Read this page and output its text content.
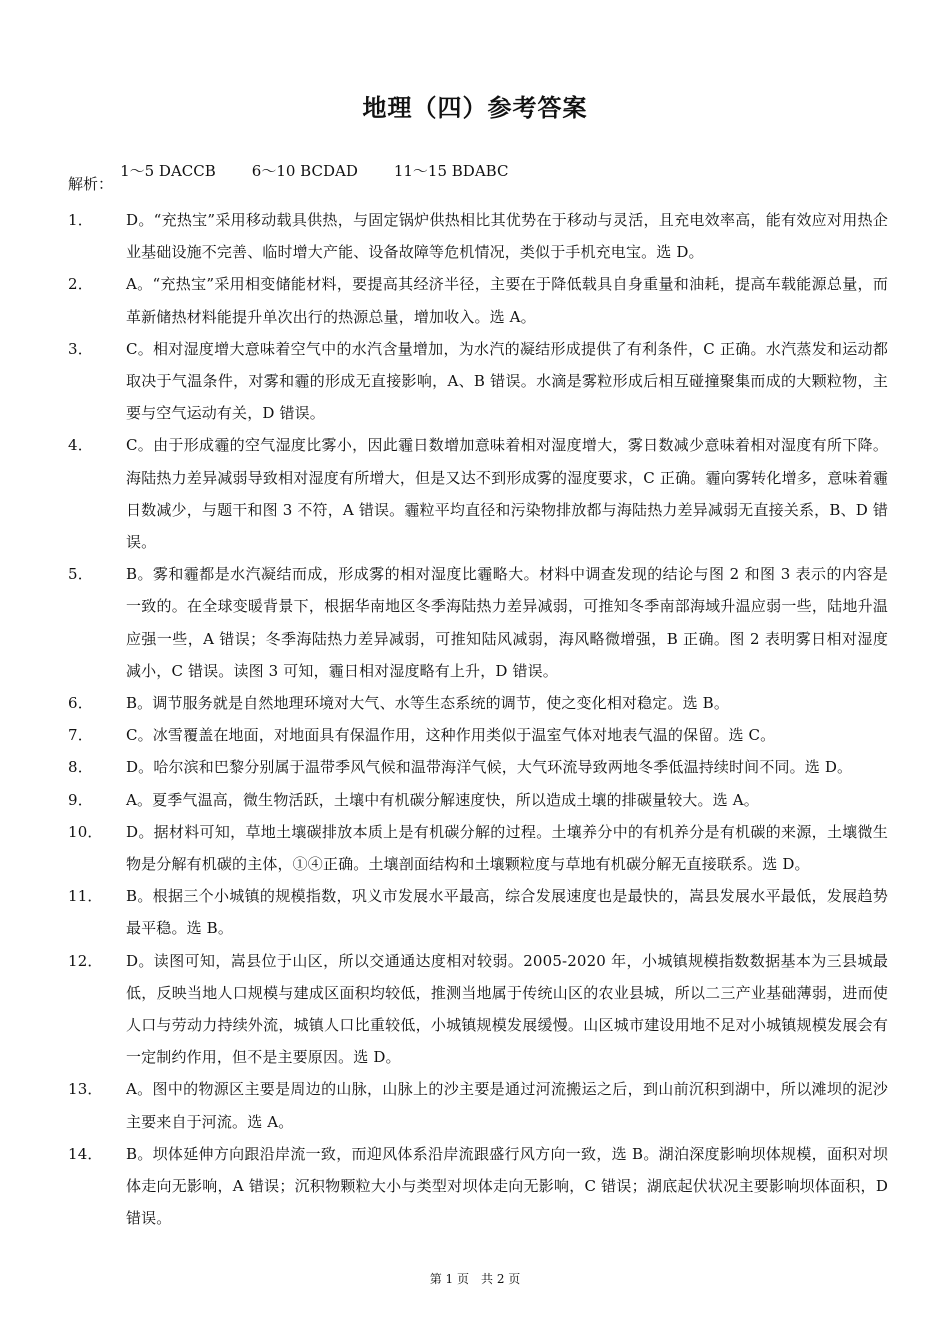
地理（四）参考答案

1～5 DACCB 6～10 BCDAD 11～15 BDABC

解析：
1．	D。“充热宝”采用移动载具供热，与固定锅炉供热相比其优势在于移动与灵活，且充电效率高，能有效应对用热企业基础设施不完善、临时增大产能、设备故障等危机情况，类似于手机充电宝。选 D。
2．	A。“充热宝”采用相变储能材料，要提高其经济半径，主要在于降低载具自身重量和油耗，提高车载能源总量，而革新储热材料能提升单次出行的热源总量，增加收入。选 A。
3．	C。相对湿度增大意味着空气中的水汽含量增加，为水汽的凝结形成提供了有利条件，C 正确。水汽蒸发和运动都取决于气温条件，对雾和霾的形成无直接影响，A、B 错误。水滴是雾粒形成后相互碰撞聚集而成的大颗粒物，主要与空气运动有关，D 错误。
4．	C。由于形成霾的空气湿度比雾小，因此霾日数增加意味着相对湿度增大，雾日数减少意味着相对湿度有所下降。海陆热力差异减弱导致相对湿度有所增大，但是又达不到形成雾的湿度要求，C 正确。霾向雾转化增多，意味着霾日数减少，与题干和图 3 不符，A 错误。霾粒平均直径和污染物排放都与海陆热力差异减弱无直接关系，B、D 错误。
5．	B。雾和霾都是水汽凝结而成，形成雾的相对湿度比霾略大。材料中调查发现的结论与图 2 和图 3 表示的内容是一致的。在全球变暖背景下，根据华南地区冬季海陆热力差异减弱，可推知冬季南部海域升温应弱一些，陆地升温应强一些，A 错误；冬季海陆热力差异减弱，可推知陆风减弱，海风略微增强，B 正确。图 2 表明雾日相对湿度减小，C 错误。读图 3 可知，霾日相对湿度略有上升，D 错误。
6．	B。调节服务就是自然地理环境对大气、水等生态系统的调节，使之变化相对稳定。选 B。
7．	C。冰雪覆盖在地面，对地面具有保温作用，这种作用类似于温室气体对地表气温的保留。选 C。
8．	D。哈尔滨和巴黎分别属于温带季风气候和温带海洋气候，大气环流导致两地冬季低温持续时间不同。选 D。
9．	A。夏季气温高，微生物活跃，土壤中有机碳分解速度快，所以造成土壤的排碳量较大。选 A。
10．	D。据材料可知，草地土壤碳排放本质上是有机碳分解的过程。土壤养分中的有机养分是有机碳的来源，土壤微生物是分解有机碳的主体，①④正确。土壤剖面结构和土壤颗粒度与草地有机碳分解无直接联系。选 D。
11．	B。根据三个小城镇的规模指数，巩义市发展水平最高，综合发展速度也是最快的，嵩县发展水平最低，发展趋势最平稳。选 B。
12．	D。读图可知，嵩县位于山区，所以交通通达度相对较弱。2005-2020 年，小城镇规模指数数据基本为三县城最低，反映当地人口规模与建成区面积均较低，推测当地属于传统山区的农业县城，所以二三产业基础薄弱，进而使人口与劳动力持续外流，城镇人口比重较低，小城镇规模发展缓慢。山区城市建设用地不足对小城镇规模发展会有一定制约作用，但不是主要原因。选 D。
13．	A。图中的物源区主要是周边的山脉，山脉上的沙主要是通过河流搬运之后，到山前沉积到湖中，所以滩坝的泥沙主要来自于河流。选 A。
14．	B。坝体延伸方向跟沿岸流一致，而迎风体系沿岸流跟盛行风方向一致，选 B。湖泊深度影响坝体规模，面积对坝体走向无影响，A 错误；沉积物颗粒大小与类型对坝体走向无影响，C 错误；湖底起伏状况主要影响坝体面积，D 错误。
第 1 页　共 2 页
